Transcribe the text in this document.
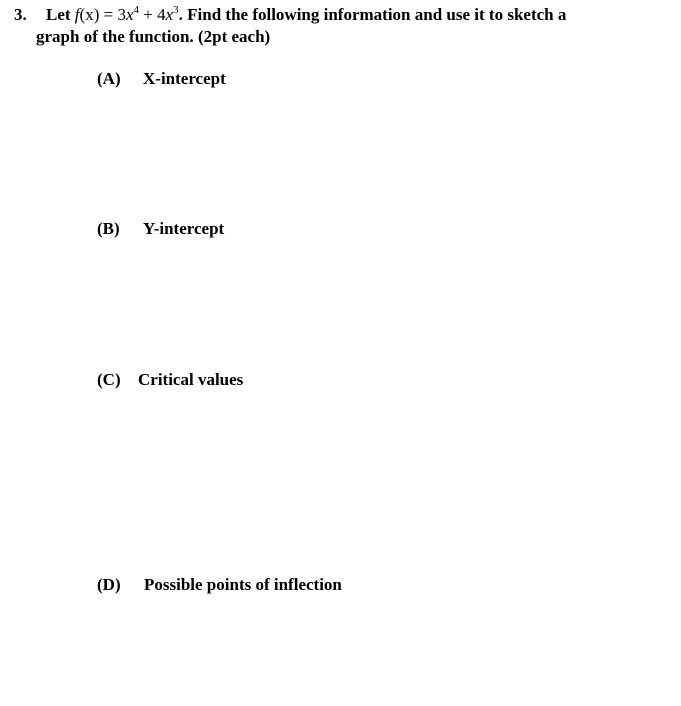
3. Let $f(x) = 3x^4 + 4x^3$. Find the following information and use it to sketch a
graph of the function. (2pt each)
(A) X-intercept
(B) Y-intercept
(C) Critical values
(D) Possible points of inflection
